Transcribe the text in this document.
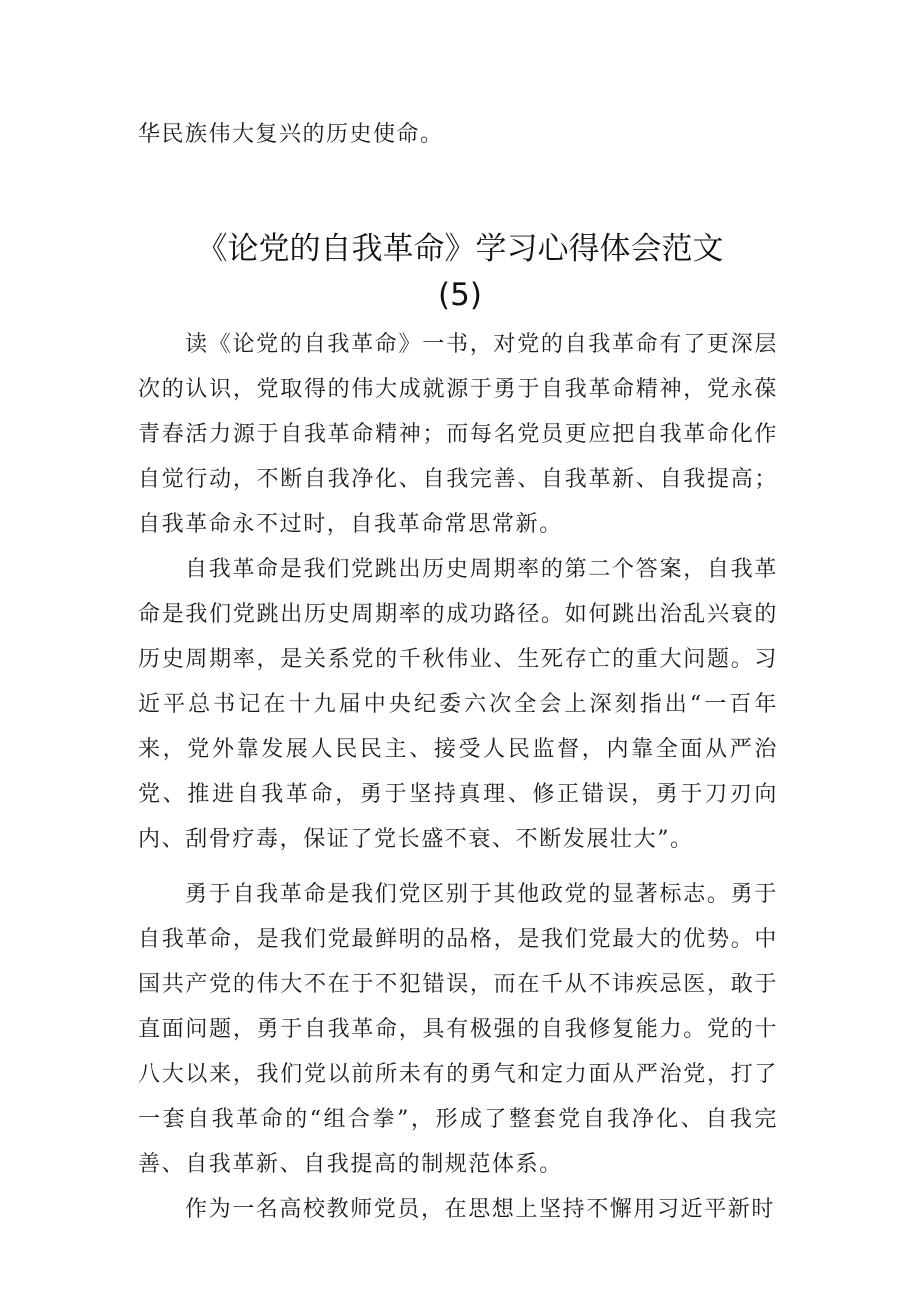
华民族伟大复兴的历史使命。
《论党的自我革命》学习心得体会范文
(5)

读《论党的自我革命》一书，对党的自我革命有了更深层次的认识，党取得的伟大成就源于勇于自我革命精神，党永葆青春活力源于自我革命精神；而每名党员更应把自我革命化作自觉行动，不断自我净化、自我完善、自我革新、自我提高；自我革命永不过时，自我革命常思常新。

自我革命是我们党跳出历史周期率的第二个答案，自我革命是我们党跳出历史周期率的成功路径。如何跳出治乱兴衰的历史周期率，是关系党的千秋伟业、生死存亡的重大问题。习近平总书记在十九届中央纪委六次全会上深刻指出“一百年来，党外靠发展人民民主、接受人民监督，内靠全面从严治党、推进自我革命，勇于坚持真理、修正错误，勇于刀刃向内、刮骨疗毒，保证了党长盛不衰、不断发展壮大”。

勇于自我革命是我们党区别于其他政党的显著标志。勇于自我革命，是我们党最鲜明的品格，是我们党最大的优势。中国共产党的伟大不在于不犯错误，而在千从不讳疾忌医，敢于直面问题，勇于自我革命，具有极强的自我修复能力。党的十八大以来，我们党以前所未有的勇气和定力面从严治党，打了一套自我革命的“组合拳”，形成了整套党自我净化、自我完善、自我革新、自我提高的制规范体系。

作为一名高校教师党员，在思想上坚持不懈用习近平新时
